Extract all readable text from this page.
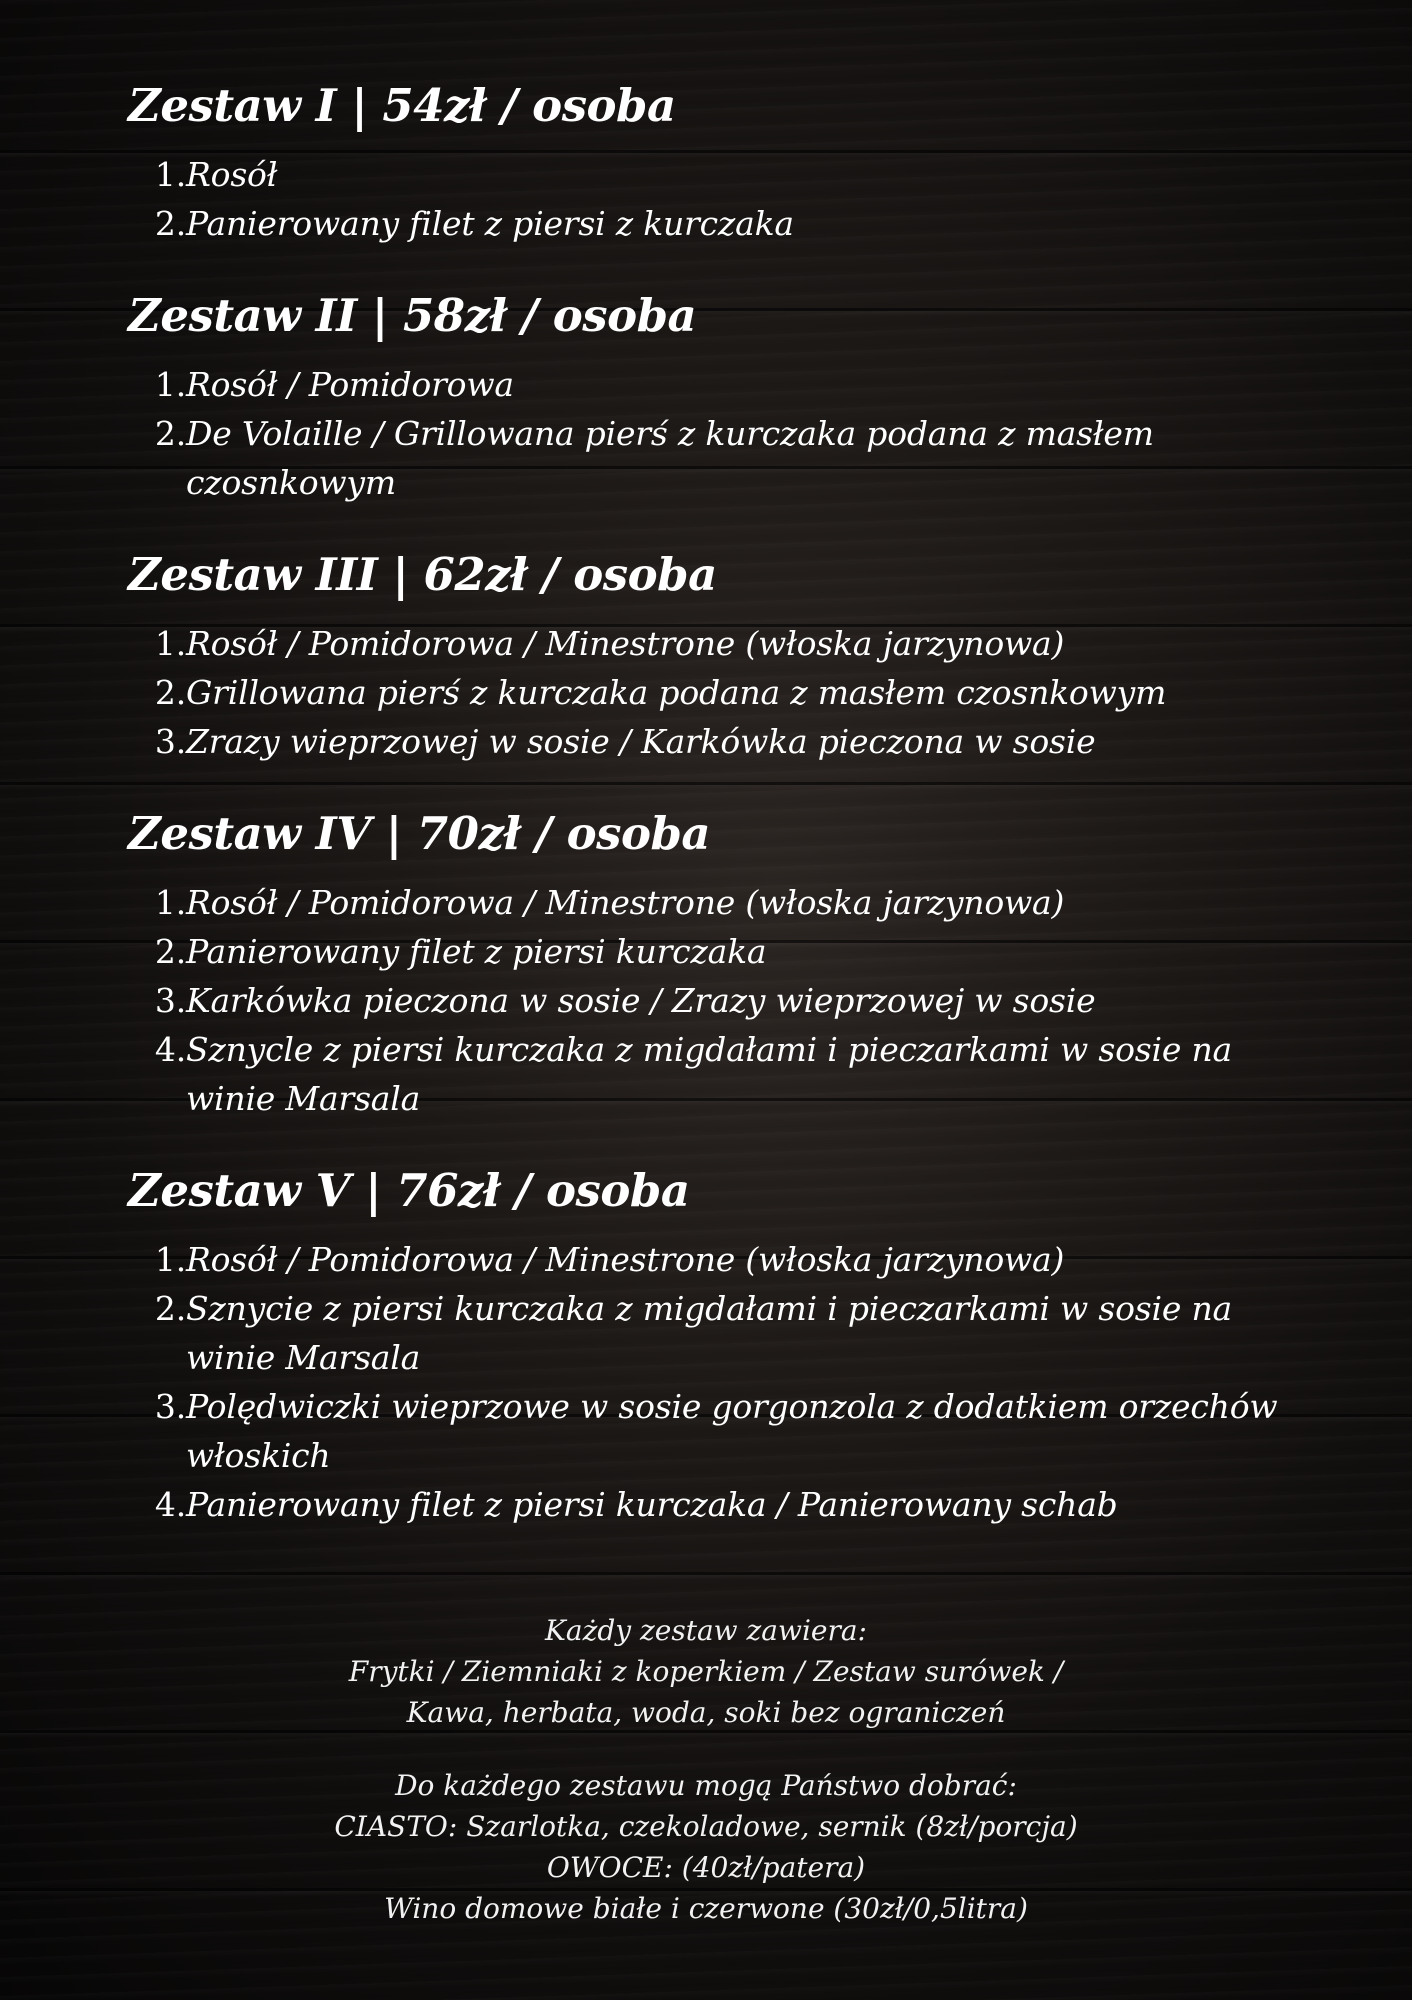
Zestaw I | 54zł / osoba
1. Rosół
2. Panierowany filet z piersi z kurczaka
Zestaw II | 58zł / osoba
1. Rosół / Pomidorowa
2. De Volaille / Grillowana pierś z kurczaka podana z masłem czosnkowym
Zestaw III | 62zł / osoba
1. Rosół / Pomidorowa / Minestrone (włoska jarzynowa)
2. Grillowana pierś z kurczaka podana z masłem czosnkowym
3. Zrazy wieprzowej w sosie / Karkówka pieczona w sosie
Zestaw IV | 70zł / osoba
1. Rosół / Pomidorowa / Minestrone (włoska jarzynowa)
2. Panierowany filet z piersi kurczaka
3. Karkówka pieczona w sosie / Zrazy wieprzowej w sosie
4. Sznycle z piersi kurczaka z migdałami i pieczarkami w sosie na winie Marsala
Zestaw V | 76zł / osoba
1. Rosół / Pomidorowa / Minestrone (włoska jarzynowa)
2. Sznycie z piersi kurczaka z migdałami i pieczarkami w sosie na winie Marsala
3. Polędwiczki wieprzowe w sosie gorgonzola z dodatkiem orzechów włoskich
4. Panierowany filet z piersi kurczaka / Panierowany schab
Każdy zestaw zawiera:
Frytki / Ziemniaki z koperkiem / Zestaw surówek /
Kawa, herbata, woda, soki bez ograniczeń
Do każdego zestawu mogą Państwo dobrać:
CIASTO: Szarlotka, czekoladowe, sernik (8zł/porcja)
OWOCE: (40zł/patera)
Wino domowe białe i czerwone (30zł/0,5litra)
